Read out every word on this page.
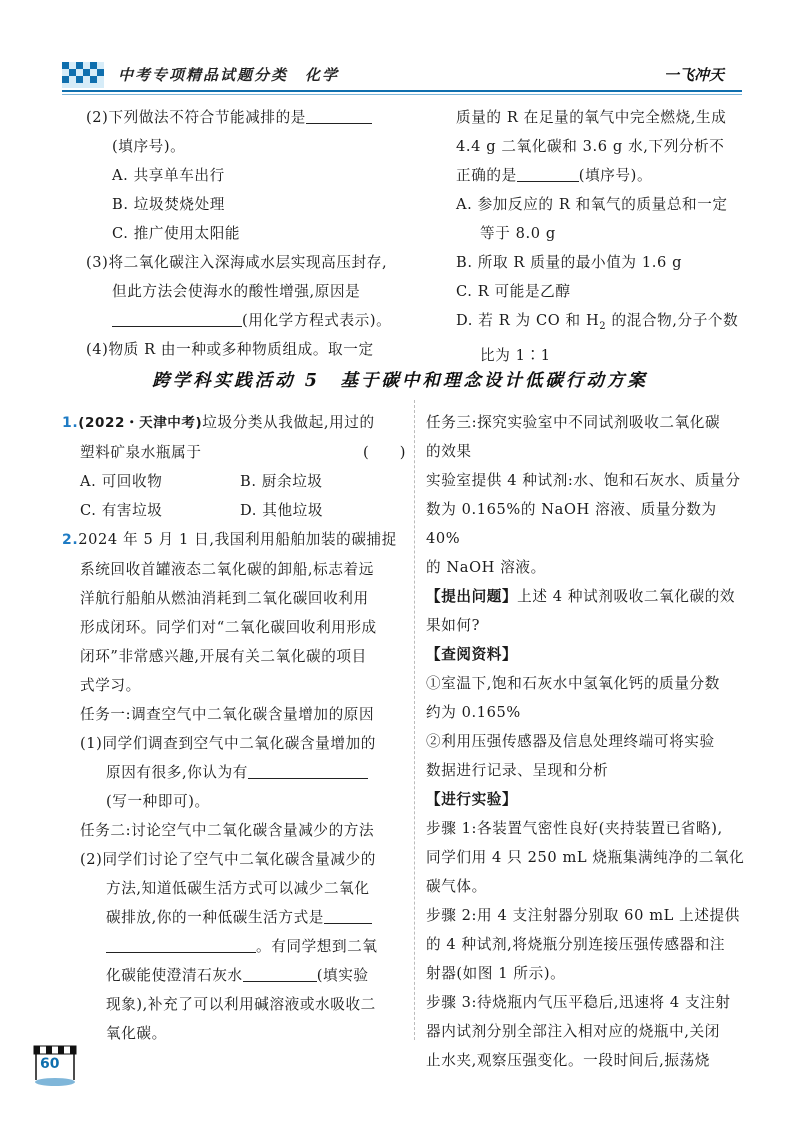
中考专项精品试题分类　化学	一飞冲天

(2)下列做法不符合节能减排的是

(填序号)。

A. 共享单车出行

B. 垃圾焚烧处理

C. 推广使用太阳能

(3)将二氧化碳注入深海咸水层实现高压封存,

但此方法会使海水的酸性增强,原因是

(用化学方程式表示)。

(4)物质 R 由一种或多种物质组成。取一定

质量的 R 在足量的氧气中完全燃烧,生成

4.4 g 二氧化碳和 3.6 g 水,下列分析不

正确的是	(填序号)。

A. 参加反应的 R 和氧气的质量总和一定

等于 8.0 g

B. 所取 R 质量的最小值为 1.6 g

C. R 可能是乙醇

D. 若 R 为 CO 和 $H_2$ 的混合物,分子个数

比为 1∶1

跨学科实践活动 5　基于碳中和理念设计低碳行动方案

1.(2022・天津中考)垃圾分类从我做起,用过的

塑料矿泉水瓶属于	(　　)

A. 可回收物	B. 厨余垃圾

C. 有害垃圾	D. 其他垃圾

2.2024 年 5 月 1 日,我国利用船舶加装的碳捕捉

系统回收首罐液态二氧化碳的卸船,标志着远

洋航行船舶从燃油消耗到二氧化碳回收利用

形成闭环。同学们对“二氧化碳回收利用形成

闭环”非常感兴趣,开展有关二氧化碳的项目

式学习。

任务一:调查空气中二氧化碳含量增加的原因

(1)同学们调查到空气中二氧化碳含量增加的

原因有很多,你认为有

(写一种即可)。

任务二:讨论空气中二氧化碳含量减少的方法

(2)同学们讨论了空气中二氧化碳含量减少的

方法,知道低碳生活方式可以减少二氧化

碳排放,你的一种低碳生活方式是

。有同学想到二氧

化碳能使澄清石灰水	(填实验

现象),补充了可以利用碱溶液或水吸收二

氧化碳。

任务三:探究实验室中不同试剂吸收二氧化碳

的效果

实验室提供 4 种试剂:水、饱和石灰水、质量分

数为 0.165%的 NaOH 溶液、质量分数为 40%

的 NaOH 溶液。

【提出问题】上述 4 种试剂吸收二氧化碳的效

果如何?

【查阅资料】

①室温下,饱和石灰水中氢氧化钙的质量分数

约为 0.165%

②利用压强传感器及信息处理终端可将实验

数据进行记录、呈现和分析

【进行实验】

步骤 1:各装置气密性良好(夹持装置已省略),

同学们用 4 只 250 mL 烧瓶集满纯净的二氧化

碳气体。

步骤 2:用 4 支注射器分别取 60 mL 上述提供

的 4 种试剂,将烧瓶分别连接压强传感器和注

射器(如图 1 所示)。

步骤 3:待烧瓶内气压平稳后,迅速将 4 支注射

器内试剂分别全部注入相对应的烧瓶中,关闭

止水夹,观察压强变化。一段时间后,振荡烧

60
